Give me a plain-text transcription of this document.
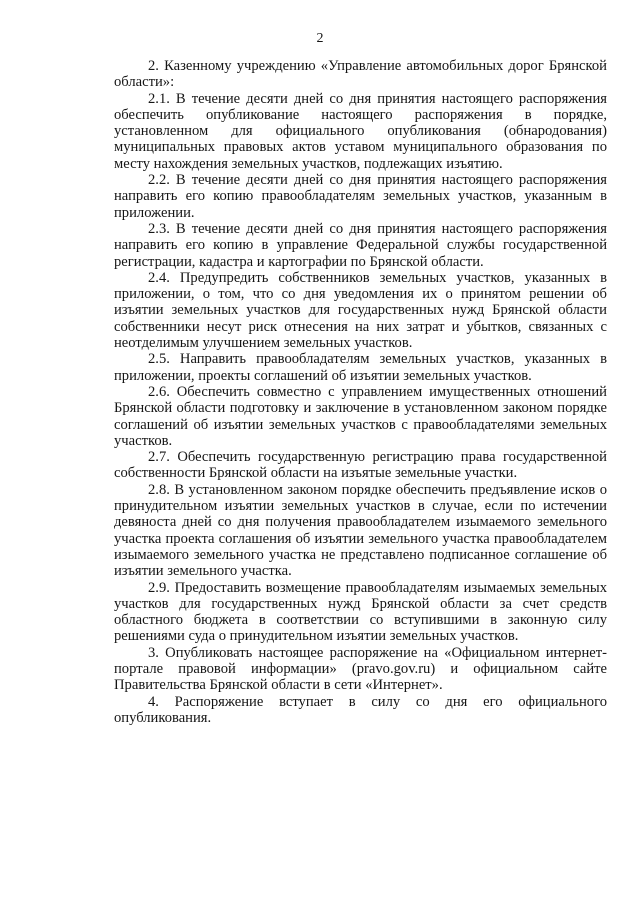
2

2. Казенному учреждению «Управление автомобильных дорог Брянской области»:

2.1. В течение десяти дней со дня принятия настоящего распоряжения обеспечить опубликование настоящего распоряжения в порядке, установленном для официального опубликования (обнародования) муниципальных правовых актов уставом муниципального образования по месту нахождения земельных участков, подлежащих изъятию.

2.2. В течение десяти дней со дня принятия настоящего распоряжения направить его копию правообладателям земельных участков, указанным в приложении.

2.3. В течение десяти дней со дня принятия настоящего распоряжения направить его копию в управление Федеральной службы государственной регистрации, кадастра и картографии по Брянской области.

2.4. Предупредить собственников земельных участков, указанных в приложении, о том, что со дня уведомления их о принятом решении об изъятии земельных участков для государственных нужд Брянской области собственники несут риск отнесения на них затрат и убытков, связанных с неотделимым улучшением земельных участков.

2.5. Направить правообладателям земельных участков, указанных в приложении, проекты соглашений об изъятии земельных участков.

2.6. Обеспечить совместно с управлением имущественных отношений Брянской области подготовку и заключение в установленном законом порядке соглашений об изъятии земельных участков с правообладателями земельных участков.

2.7. Обеспечить государственную регистрацию права государственной собственности Брянской области на изъятые земельные участки.

2.8. В установленном законом порядке обеспечить предъявление исков о принудительном изъятии земельных участков в случае, если по истечении девяноста дней со дня получения правообладателем изымаемого земельного участка проекта соглашения об изъятии земельного участка правообладателем изымаемого земельного участка не представлено подписанное соглашение об изъятии земельного участка.

2.9. Предоставить возмещение правообладателям изымаемых земельных участков для государственных нужд Брянской области за счет средств областного бюджета в соответствии со вступившими в законную силу решениями суда о принудительном изъятии земельных участков.

3. Опубликовать настоящее распоряжение на «Официальном интернет-портале правовой информации» (pravo.gov.ru) и официальном сайте Правительства Брянской области в сети «Интернет».

4. Распоряжение вступает в силу со дня его официального опубликования.
